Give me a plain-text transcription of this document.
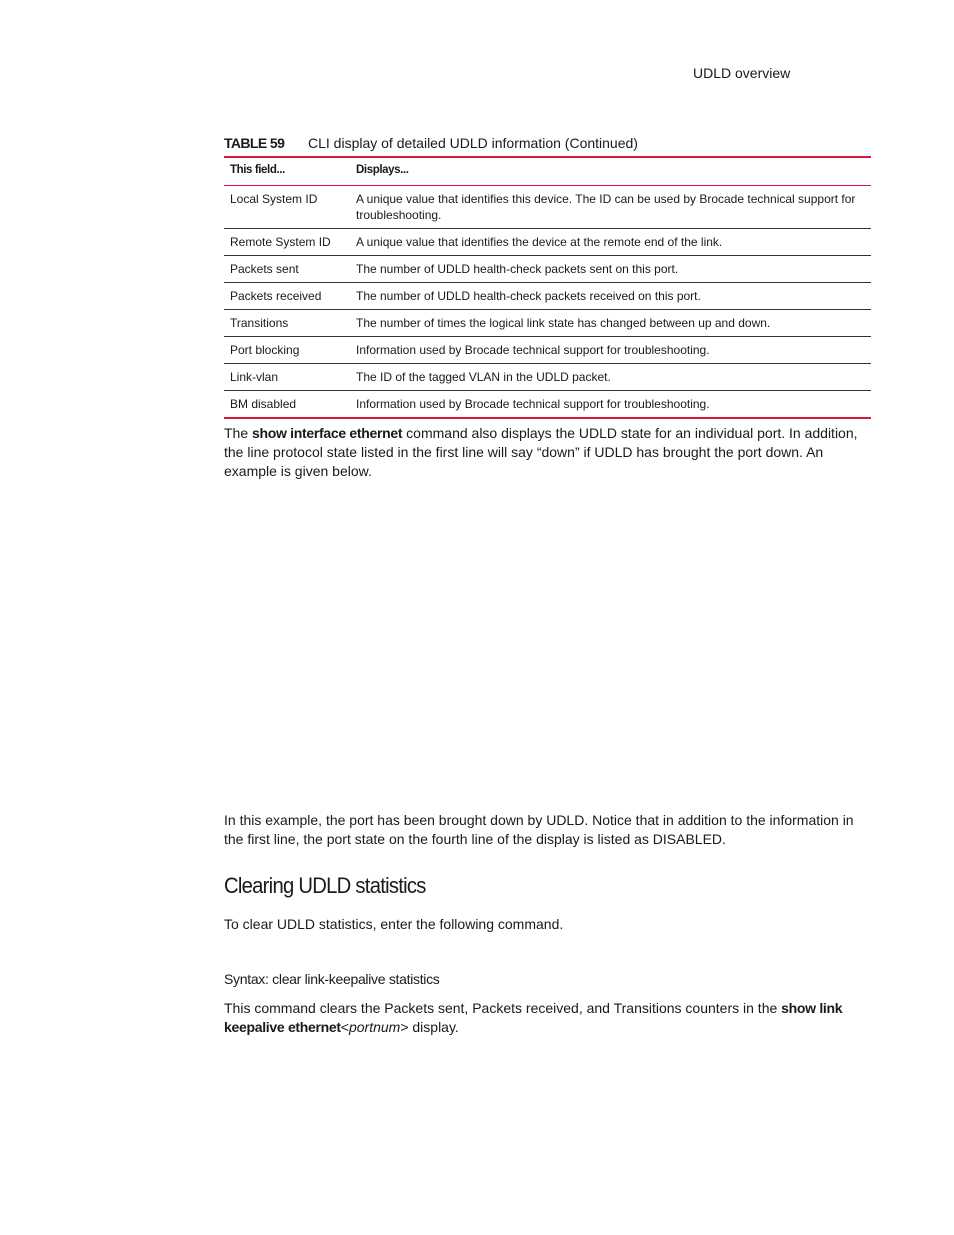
UDLD overview
TABLE 59 CLI display of detailed UDLD information (Continued)
This field...	Displays...
Local System ID	A unique value that identifies this device. The ID can be used by Brocade technical support for troubleshooting.
Remote System ID	A unique value that identifies the device at the remote end of the link.
Packets sent	The number of UDLD health-check packets sent on this port.
Packets received	The number of UDLD health-check packets received on this port.
Transitions	The number of times the logical link state has changed between up and down.
Port blocking	Information used by Brocade technical support for troubleshooting.
Link-vlan	The ID of the tagged VLAN in the UDLD packet.
BM disabled	Information used by Brocade technical support for troubleshooting.
The show interface ethernet command also displays the UDLD state for an individual port. In addition, the line protocol state listed in the first line will say “down” if UDLD has brought the port down. An example is given below.
In this example, the port has been brought down by UDLD. Notice that in addition to the information in the first line, the port state on the fourth line of the display is listed as DISABLED.
Clearing UDLD statistics
To clear UDLD statistics, enter the following command.
Syntax: clear link-keepalive statistics
This command clears the Packets sent, Packets received, and Transitions counters in the show link keepalive ethernet<portnum> display.
